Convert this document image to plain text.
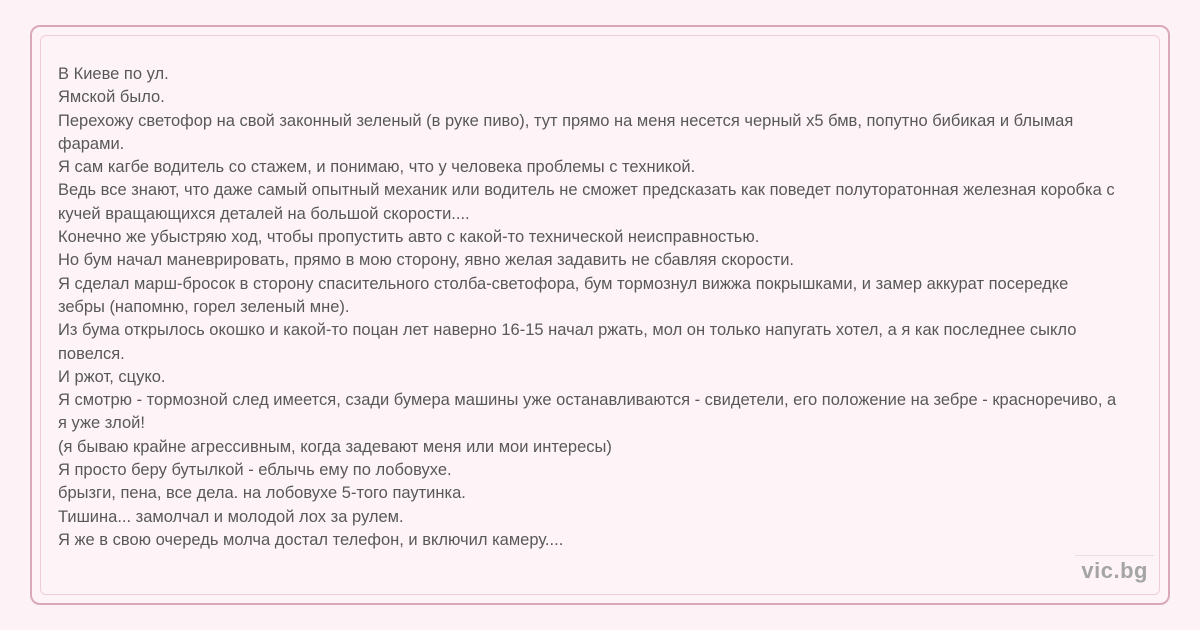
В Киеве по ул.
Ямской было.
Перехожу светофор на свой законный зеленый (в руке пиво), тут прямо на меня несется черный х5 бмв, попутно бибикая и блымая фарами.
Я сам кагбе водитель со стажем, и понимаю, что у человека проблемы с техникой.
Ведь все знают, что даже самый опытный механик или водитель не сможет предсказать как поведет полуторатонная железная коробка с кучей вращающихся деталей на большой скорости....
Конечно же убыстряю ход, чтобы пропустить авто с какой-то технической неисправностью.
Но бум начал маневрировать, прямо в мою сторону, явно желая задавить не сбавляя скорости.
Я сделал марш-бросок в сторону спасительного столба-светофора, бум тормознул вижжа покрышками, и замер аккурат посередке зебры (напомню, горел зеленый мне).
Из бума открылось окошко и какой-то поцан лет наверно 16-15 начал ржать, мол он только напугать хотел, а я как последнее сыкло повелся.
И ржот, сцуко.
Я смотрю - тормозной след имеется, сзади бумера машины уже останавливаются - свидетели, его положение на зебре - красноречиво, а я уже злой!
(я бываю крайне агрессивным, когда задевают меня или мои интересы)
Я просто беру бутылкой - еблычь ему по лобовухе.
брызги, пена, все дела. на лобовухе 5-того паутинка.
Тишина... замолчал и молодой лох за рулем.
Я же в свою очередь молча достал телефон, и включил камеру....
vic.bg
